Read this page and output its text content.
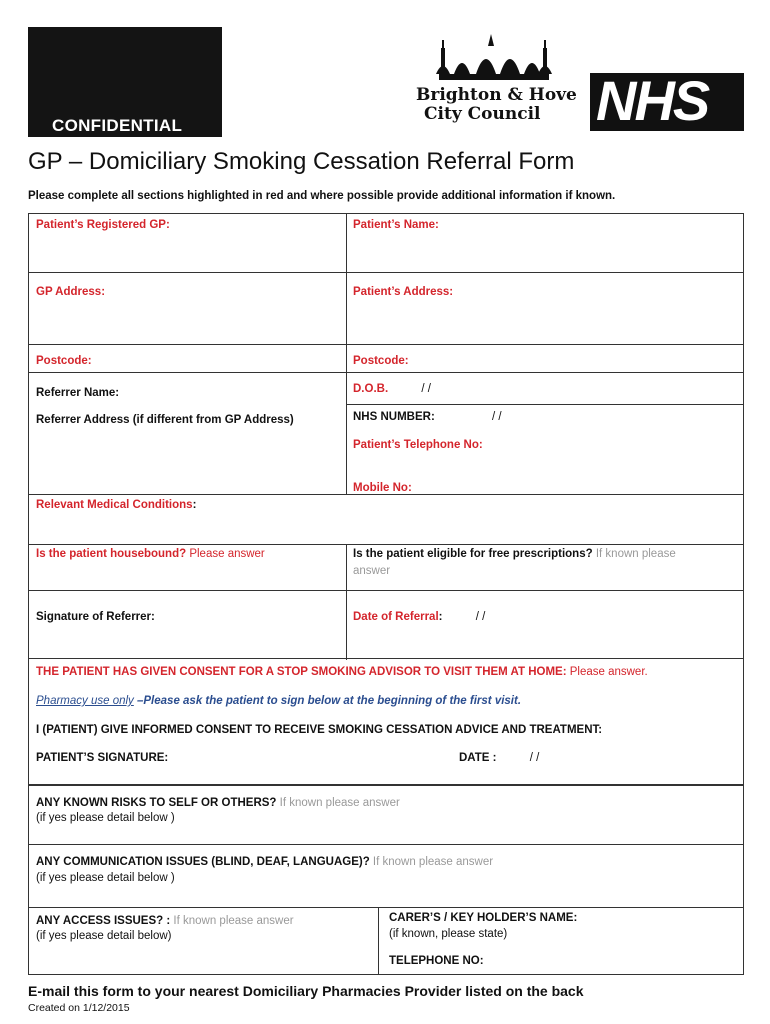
CONFIDENTIAL
Brighton & Hove
City Council NHS
GP – Domiciliary Smoking Cessation Referral Form
Please complete all sections highlighted in red and where possible provide additional information if known.
Patient’s Registered GP:	Patient’s Name:
GP Address:	Patient’s Address:
Postcode:	Postcode:
Referrer Name:	D.O.B.	/ /
Referrer Address (if different from GP Address)	NHS NUMBER:	/ /
Patient’s Telephone No:
Mobile No:
Relevant Medical Conditions:
Is the patient housebound? Please answer	Is the patient eligible for free prescriptions? If known please
answer
Signature of Referrer:	Date of Referral:	/ /
THE PATIENT HAS GIVEN CONSENT FOR A STOP SMOKING ADVISOR TO VISIT THEM AT HOME: Please answer.
Pharmacy use only –Please ask the patient to sign below at the beginning of the first visit.
I (PATIENT) GIVE INFORMED CONSENT TO RECEIVE SMOKING CESSATION ADVICE AND TREATMENT:
PATIENT’S SIGNATURE:	DATE :	/ /
ANY KNOWN RISKS TO SELF OR OTHERS? If known please answer
(if yes please detail below )
ANY COMMUNICATION ISSUES (BLIND, DEAF, LANGUAGE)? If known please answer
(if yes please detail below )
ANY ACCESS ISSUES? : If known please answer
(if yes please detail below)
CARER’S / KEY HOLDER’S NAME:
(if known, please state)
TELEPHONE NO:
E-mail this form to your nearest Domiciliary Pharmacies Provider listed on the back
Created on 1/12/2015
